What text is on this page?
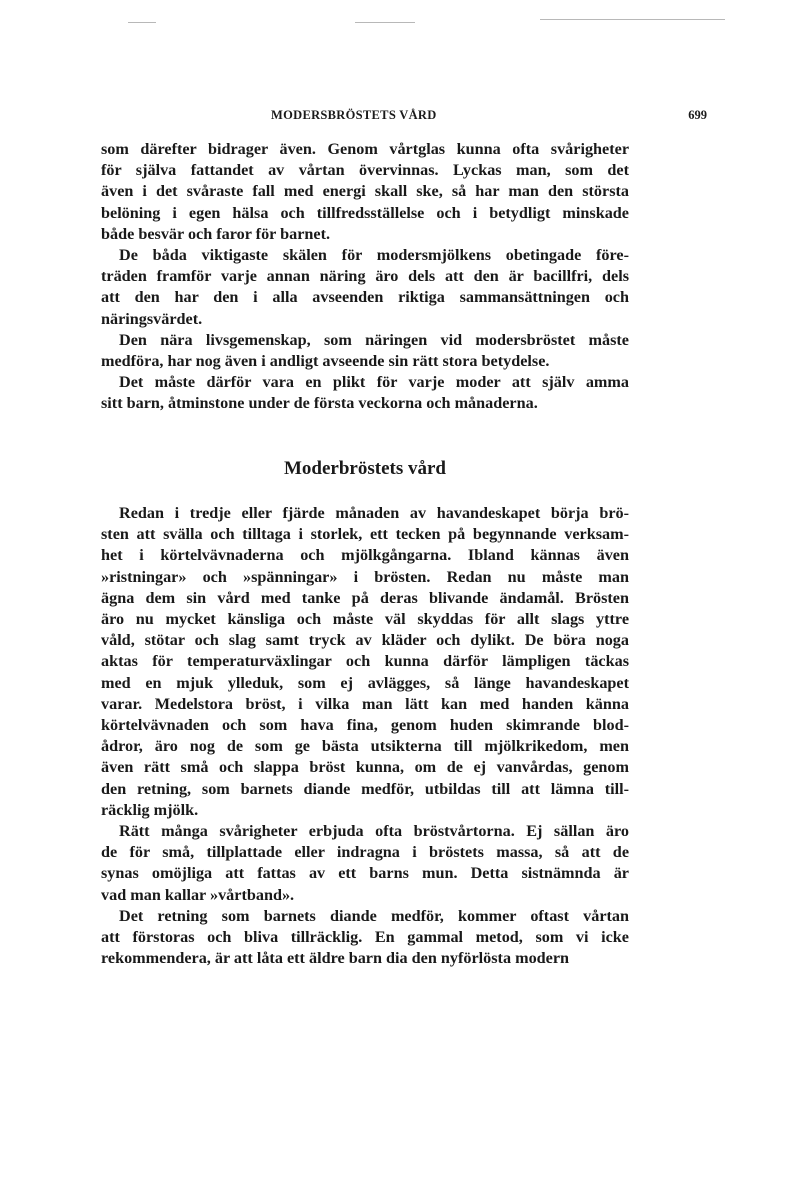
MODERSBRÖSTETS VÅRD	699

som därefter bidrager även. Genom vårtglas kunna ofta svårigheter
för själva fattandet av vårtan övervinnas. Lyckas man, som det
även i det svåraste fall med energi skall ske, så har man den största
belöning i egen hälsa och tillfredsställelse och i betydligt minskade
både besvär och faror för barnet.

De båda viktigaste skälen för modersmjölkens obetingade före-
träden framför varje annan näring äro dels att den är bacillfri, dels
att den har den i alla avseenden riktiga sammansättningen och
näringsvärdet.

Den nära livsgemenskap, som näringen vid modersbröstet måste
medföra, har nog även i andligt avseende sin rätt stora betydelse.

Det måste därför vara en plikt för varje moder att själv amma
sitt barn, åtminstone under de första veckorna och månaderna.

Moderbröstets vård

Redan i tredje eller fjärde månaden av havandeskapet börja brö-
sten att svälla och tilltaga i storlek, ett tecken på begynnande verksam-
het i körtelvävnaderna och mjölkgångarna. Ibland kännas även
»ristningar» och »spänningar» i brösten. Redan nu måste man
ägna dem sin vård med tanke på deras blivande ändamål. Brösten
äro nu mycket känsliga och måste väl skyddas för allt slags yttre
våld, stötar och slag samt tryck av kläder och dylikt. De böra noga
aktas för temperaturväxlingar och kunna därför lämpligen täckas
med en mjuk ylleduk, som ej avlägges, så länge havandeskapet
varar. Medelstora bröst, i vilka man lätt kan med handen känna
körtelvävnaden och som hava fina, genom huden skimrande blod-
ådror, äro nog de som ge bästa utsikterna till mjölkrikedom, men
även rätt små och slappa bröst kunna, om de ej vanvårdas, genom
den retning, som barnets diande medför, utbildas till att lämna till-
räcklig mjölk.

Rätt många svårigheter erbjuda ofta bröstvårtorna. Ej sällan äro
de för små, tillplattade eller indragna i bröstets massa, så att de
synas omöjliga att fattas av ett barns mun. Detta sistnämnda är
vad man kallar »vårtband».

Det retning som barnets diande medför, kommer oftast vårtan
att förstoras och bliva tillräcklig. En gammal metod, som vi icke
rekommendera, är att låta ett äldre barn dia den nyförlösta modern
